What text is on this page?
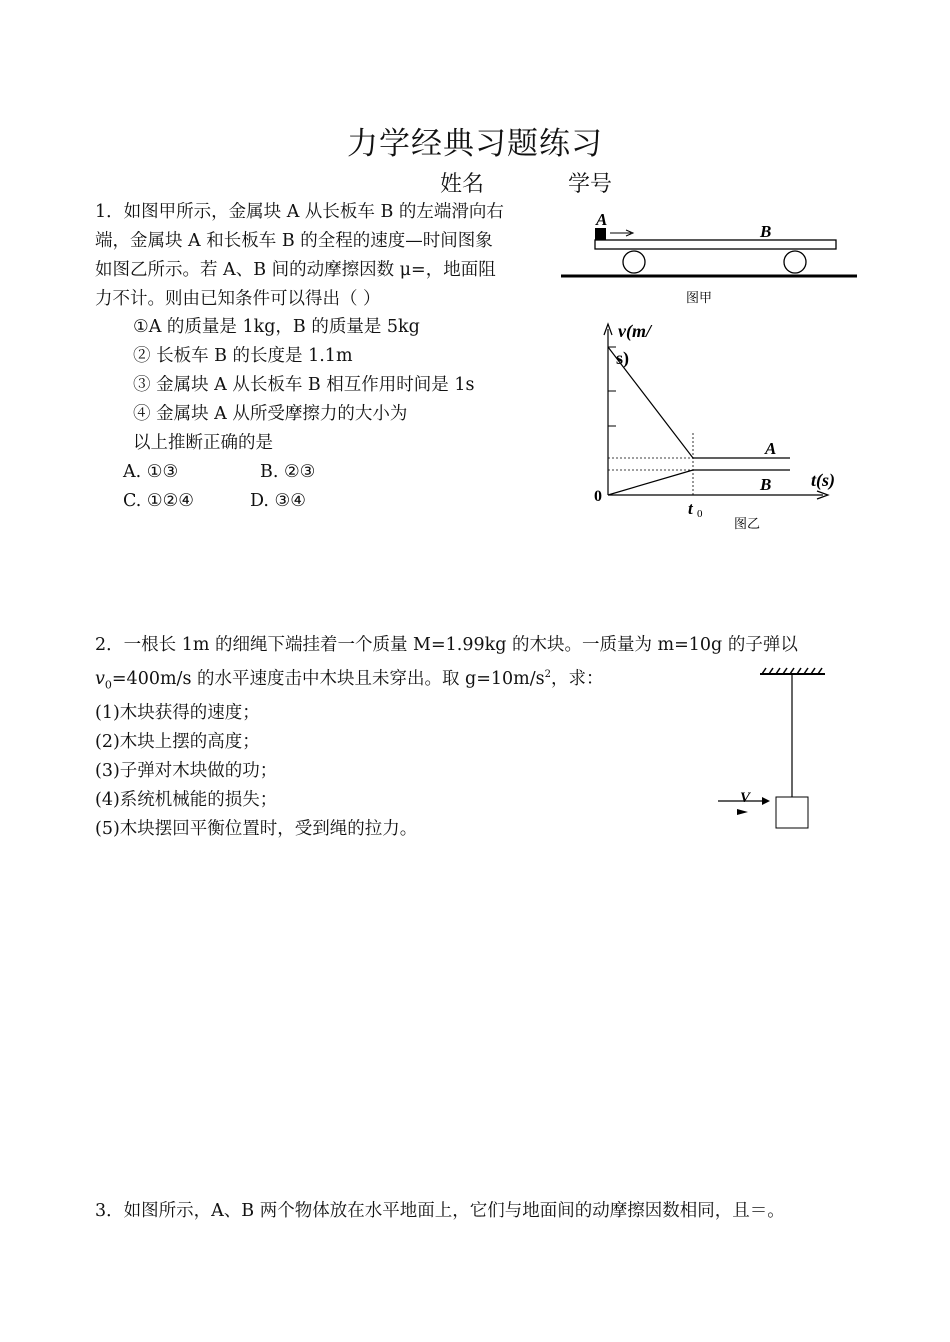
力学经典习题练习
姓名	学号
1．如图甲所示，金属块 A 从长板车 B 的左端滑向右
端，金属块 A 和长板车 B 的全程的速度—时间图象
如图乙所示。若 A、B 间的动摩擦因数 μ=，地面阻
力不计。则由已知条件可以得出（ ）
①A 的质量是 1kg，B 的质量是 5kg
② 长板车 B 的长度是 1.1m
③ 金属块 A 从长板车 B 相互作用时间是 1s
④ 金属块 A 从所受摩擦力的大小为
以上推断正确的是
A. ①③	B. ②③
C. ①②④	D. ③④
A
B
图甲
v(m/
s)
t(s)
0
t 0
A
B
图乙
2．一根长 1m 的细绳下端挂着一个质量 M=1.99kg 的木块。一质量为 m=10g 的子弹以
$v_0=400m/s$ 的水平速度击中木块且未穿出。取 $g=10m/s^2$，求：
(1)木块获得的速度；
(2)木块上摆的高度；
(3)子弹对木块做的功；
(4)系统机械能的损失；
(5)木块摆回平衡位置时，受到绳的拉力。
V
3．如图所示，A、B 两个物体放在水平地面上，它们与地面间的动摩擦因数相同，且＝。
